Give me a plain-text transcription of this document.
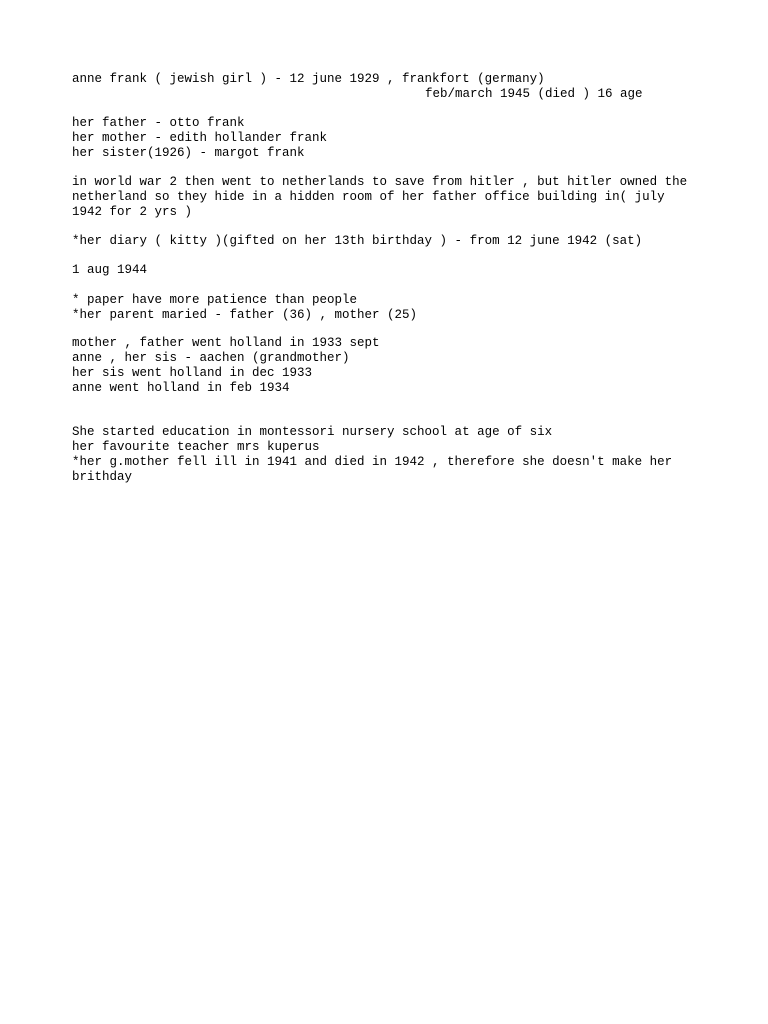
anne frank ( jewish girl ) - 12 june 1929 , frankfort (germany)
feb/march 1945 (died ) 16 age
her father - otto frank
her mother - edith hollander frank
her sister(1926) - margot frank
in world war 2 then went to netherlands to save from hitler , but hitler owned the
netherland so they hide in a hidden room of her father office building in( july
1942 for 2 yrs )
*her diary ( kitty )(gifted on her 13th birthday ) - from 12 june 1942 (sat)
1 aug 1944
* paper have more patience than people
*her parent maried - father (36) , mother (25)
mother , father went holland in 1933 sept
anne , her sis - aachen (grandmother)
her sis went holland in dec 1933
anne went holland in feb 1934
She started education in montessori nursery school at age of six
her favourite teacher mrs kuperus
*her g.mother fell ill in 1941 and died in 1942 , therefore she doesn't make her
brithday
